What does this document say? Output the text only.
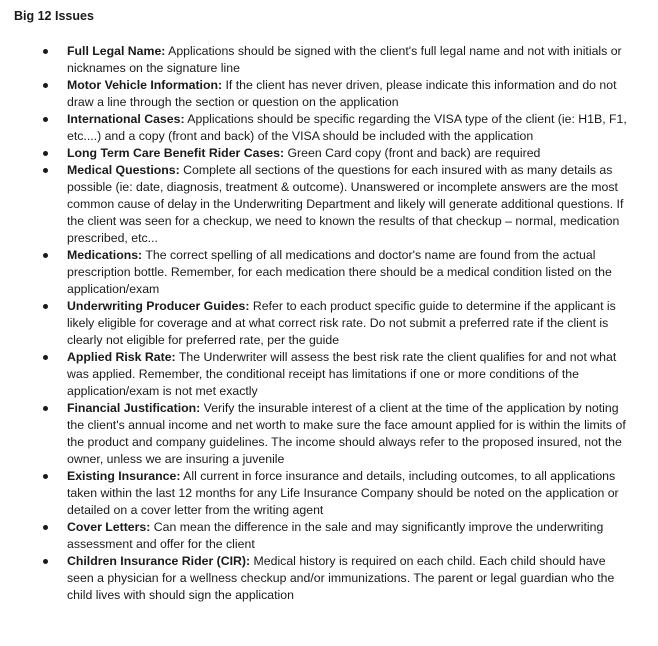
Big 12 Issues
Full Legal Name: Applications should be signed with the client's full legal name and not with initials or nicknames on the signature line
Motor Vehicle Information: If the client has never driven, please indicate this information and do not draw a line through the section or question on the application
International Cases: Applications should be specific regarding the VISA type of the client (ie: H1B, F1, etc....) and a copy (front and back) of the VISA should be included with the application
Long Term Care Benefit Rider Cases: Green Card copy (front and back) are required
Medical Questions: Complete all sections of the questions for each insured with as many details as possible (ie: date, diagnosis, treatment & outcome). Unanswered or incomplete answers are the most common cause of delay in the Underwriting Department and likely will generate additional questions. If the client was seen for a checkup, we need to known the results of that checkup – normal, medication prescribed, etc...
Medications: The correct spelling of all medications and doctor's name are found from the actual prescription bottle. Remember, for each medication there should be a medical condition listed on the application/exam
Underwriting Producer Guides: Refer to each product specific guide to determine if the applicant is likely eligible for coverage and at what correct risk rate. Do not submit a preferred rate if the client is clearly not eligible for preferred rate, per the guide
Applied Risk Rate: The Underwriter will assess the best risk rate the client qualifies for and not what was applied. Remember, the conditional receipt has limitations if one or more conditions of the application/exam is not met exactly
Financial Justification: Verify the insurable interest of a client at the time of the application by noting the client's annual income and net worth to make sure the face amount applied for is within the limits of the product and company guidelines. The income should always refer to the proposed insured, not the owner, unless we are insuring a juvenile
Existing Insurance: All current in force insurance and details, including outcomes, to all applications taken within the last 12 months for any Life Insurance Company should be noted on the application or detailed on a cover letter from the writing agent
Cover Letters: Can mean the difference in the sale and may significantly improve the underwriting assessment and offer for the client
Children Insurance Rider (CIR): Medical history is required on each child. Each child should have seen a physician for a wellness checkup and/or immunizations. The parent or legal guardian who the child lives with should sign the application
